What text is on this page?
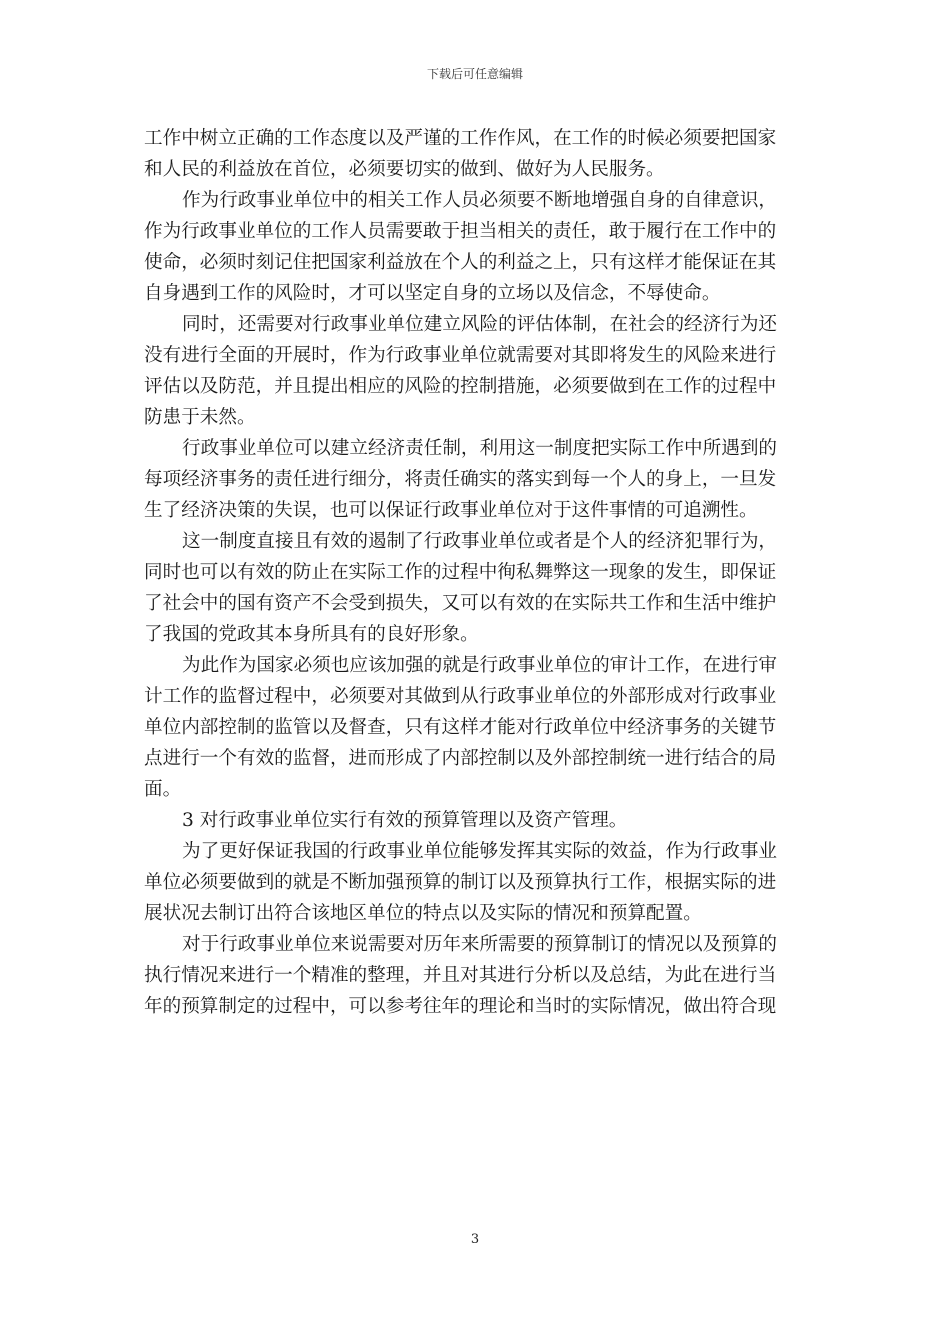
下载后可任意编辑
工作中树立正确的工作态度以及严谨的工作作风，在工作的时候必须要把国家
和人民的利益放在首位，必须要切实的做到、做好为人民服务。
作为行政事业单位中的相关工作人员必须要不断地增强自身的自律意识，
作为行政事业单位的工作人员需要敢于担当相关的责任，敢于履行在工作中的
使命，必须时刻记住把国家利益放在个人的利益之上，只有这样才能保证在其
自身遇到工作的风险时，才可以坚定自身的立场以及信念，不辱使命。
同时，还需要对行政事业单位建立风险的评估体制，在社会的经济行为还
没有进行全面的开展时，作为行政事业单位就需要对其即将发生的风险来进行
评估以及防范，并且提出相应的风险的控制措施，必须要做到在工作的过程中
防患于未然。
行政事业单位可以建立经济责任制，利用这一制度把实际工作中所遇到的
每项经济事务的责任进行细分，将责任确实的落实到每一个人的身上，一旦发
生了经济决策的失误，也可以保证行政事业单位对于这件事情的可追溯性。
这一制度直接且有效的遏制了行政事业单位或者是个人的经济犯罪行为，
同时也可以有效的防止在实际工作的过程中徇私舞弊这一现象的发生，即保证
了社会中的国有资产不会受到损失，又可以有效的在实际共工作和生活中维护
了我国的党政其本身所具有的良好形象。
为此作为国家必须也应该加强的就是行政事业单位的审计工作，在进行审
计工作的监督过程中，必须要对其做到从行政事业单位的外部形成对行政事业
单位内部控制的监管以及督查，只有这样才能对行政单位中经济事务的关键节
点进行一个有效的监督，进而形成了内部控制以及外部控制统一进行结合的局
面。
3 对行政事业单位实行有效的预算管理以及资产管理。
为了更好保证我国的行政事业单位能够发挥其实际的效益，作为行政事业
单位必须要做到的就是不断加强预算的制订以及预算执行工作，根据实际的进
展状况去制订出符合该地区单位的特点以及实际的情况和预算配置。
对于行政事业单位来说需要对历年来所需要的预算制订的情况以及预算的
执行情况来进行一个精准的整理，并且对其进行分析以及总结，为此在进行当
年的预算制定的过程中，可以参考往年的理论和当时的实际情况，做出符合现
3
